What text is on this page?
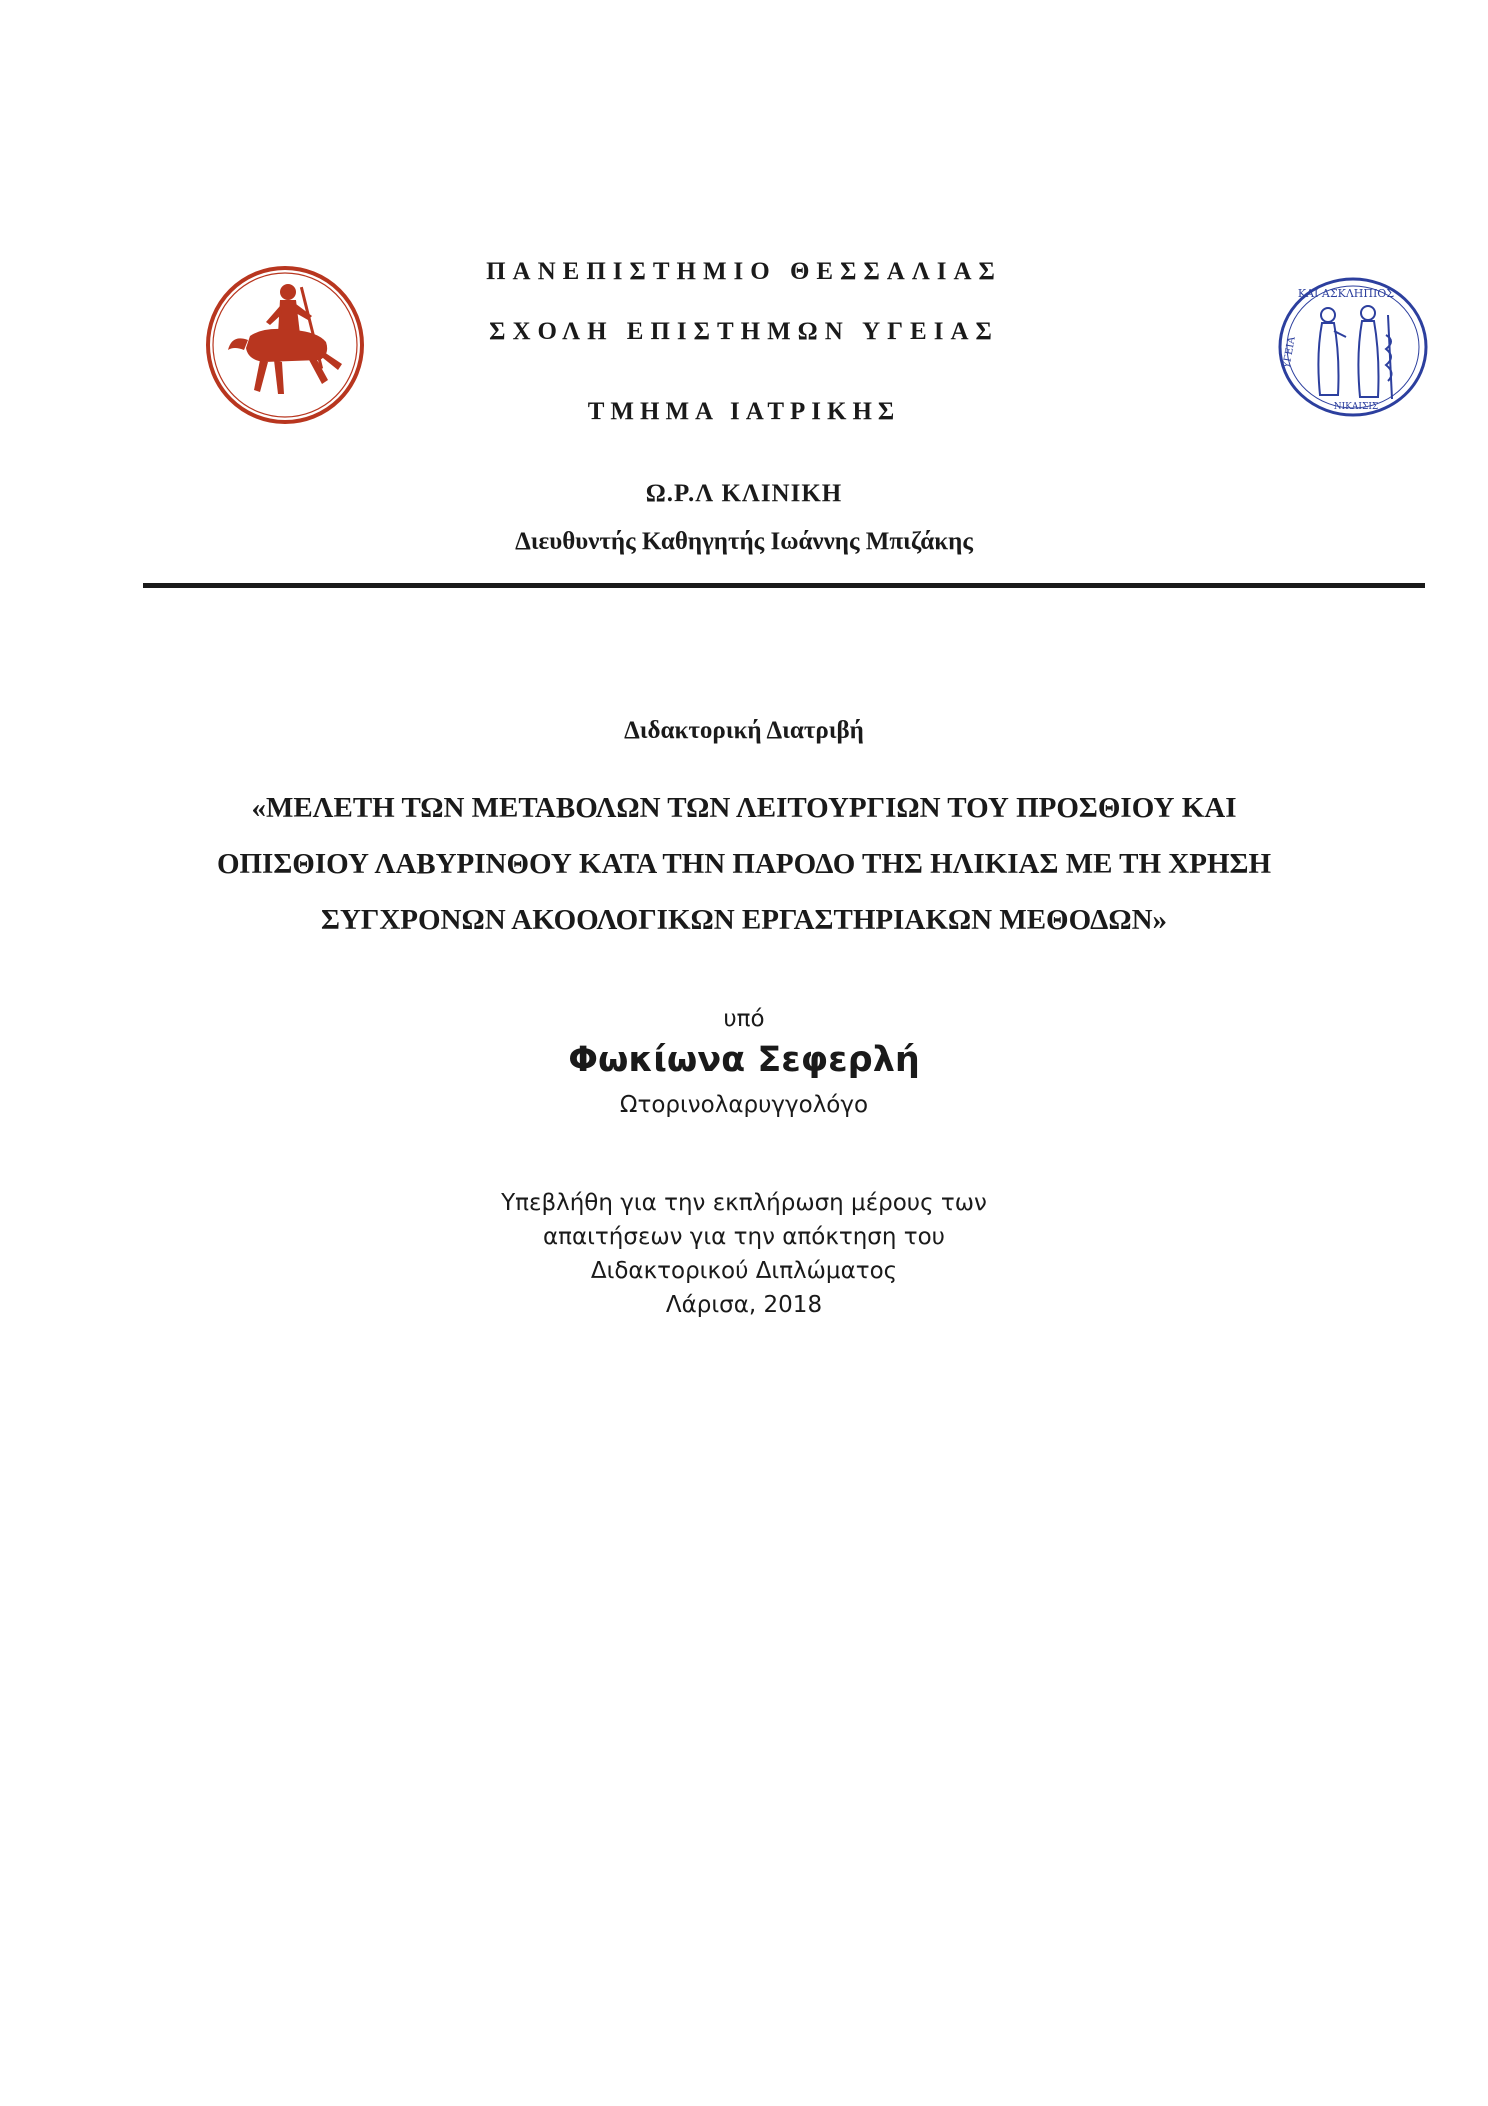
ΚΑΙ ΑΣΚΛΗΠΙΟΣ
ΥΓΕΙΑ
ΝΙΚΑΙΣΙΣ
ΠΑΝΕΠΙΣΤΗΜΙΟ ΘΕΣΣΑΛΙΑΣ
ΣΧΟΛΗ ΕΠΙΣΤΗΜΩΝ ΥΓΕΙΑΣ
ΤΜΗΜΑ ΙΑΤΡΙΚΗΣ
Ω.Ρ.Λ ΚΛΙΝΙΚΗ
Διευθυντής Καθηγητής Ιωάννης Μπιζάκης
Διδακτορική Διατριβή
«ΜΕΛΕΤΗ ΤΩΝ ΜΕΤΑΒΟΛΩΝ ΤΩΝ ΛΕΙΤΟΥΡΓΙΩΝ ΤΟΥ ΠΡΟΣΘΙΟΥ ΚΑΙ
ΟΠΙΣΘΙΟΥ ΛΑΒΥΡΙΝΘΟΥ ΚΑΤΑ ΤΗΝ ΠΑΡΟΔΟ ΤΗΣ ΗΛΙΚΙΑΣ ΜΕ ΤΗ ΧΡΗΣΗ
ΣΥΓΧΡΟΝΩΝ ΑΚΟΟΛΟΓΙΚΩΝ ΕΡΓΑΣΤΗΡΙΑΚΩΝ ΜΕΘΟΔΩΝ»
υπό
Φωκίωνα Σεφερλή
Ωτορινολαρυγγολόγο
Υπεβλήθη για την εκπλήρωση μέρους των
απαιτήσεων για την απόκτηση του
Διδακτορικού Διπλώματος
Λάρισα, 2018
